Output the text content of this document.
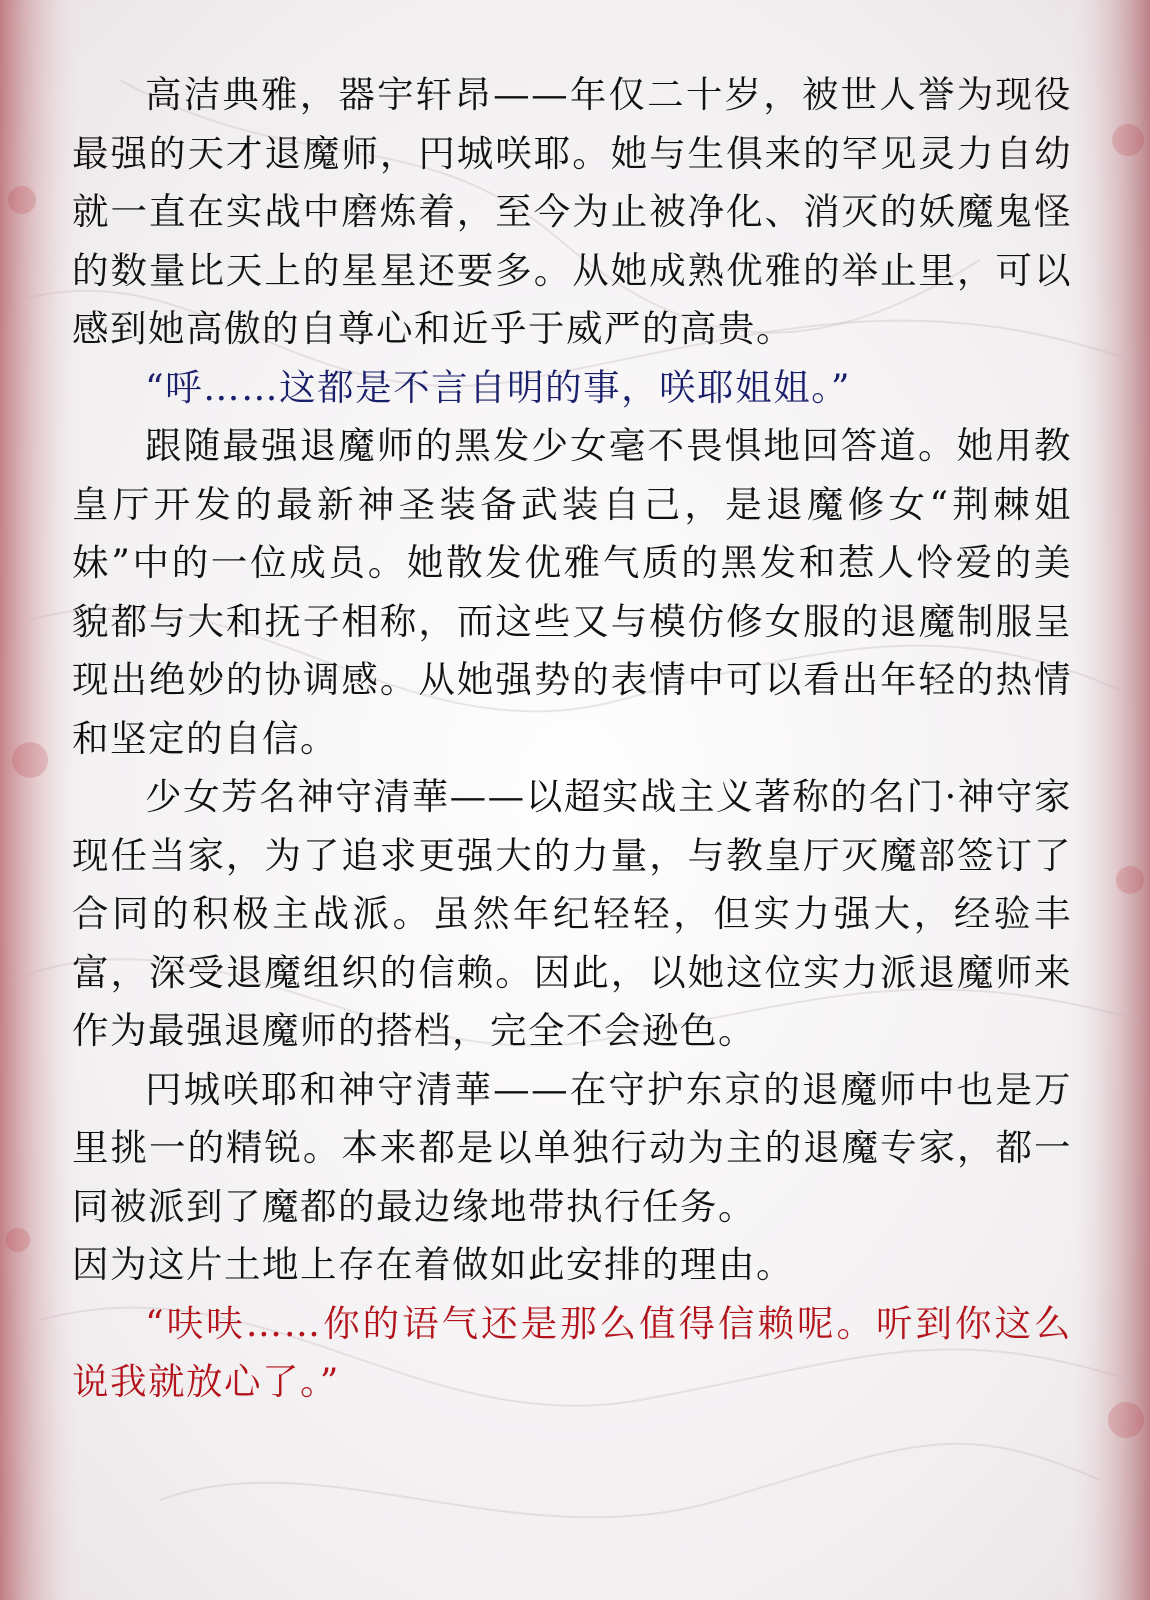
高洁典雅，器宇轩昂——年仅二十岁，被世人誉为现役最强的天才退魔师，円城咲耶。她与生俱来的罕见灵力自幼就一直在实战中磨炼着，至今为止被净化、消灭的妖魔鬼怪的数量比天上的星星还要多。从她成熟优雅的举止里，可以感到她高傲的自尊心和近乎于威严的高贵。

“呼……这都是不言自明的事，咲耶姐姐。”

跟随最强退魔师的黑发少女毫不畏惧地回答道。她用教皇厅开发的最新神圣装备武装自己，是退魔修女“荆棘姐妹”中的一位成员。她散发优雅气质的黑发和惹人怜爱的美貌都与大和抚子相称，而这些又与模仿修女服的退魔制服呈现出绝妙的协调感。从她强势的表情中可以看出年轻的热情和坚定的自信。

少女芳名神守清華——以超实战主义著称的名门·神守家现任当家，为了追求更强大的力量，与教皇厅灭魔部签订了合同的积极主战派。虽然年纪轻轻，但实力强大，经验丰富，深受退魔组织的信赖。因此，以她这位实力派退魔师来作为最强退魔师的搭档，完全不会逊色。

円城咲耶和神守清華——在守护东京的退魔师中也是万里挑一的精锐。本来都是以单独行动为主的退魔专家，都一同被派到了魔都的最边缘地带执行任务。

因为这片土地上存在着做如此安排的理由。

“呋呋……你的语气还是那么值得信赖呢。听到你这么说我就放心了。”
